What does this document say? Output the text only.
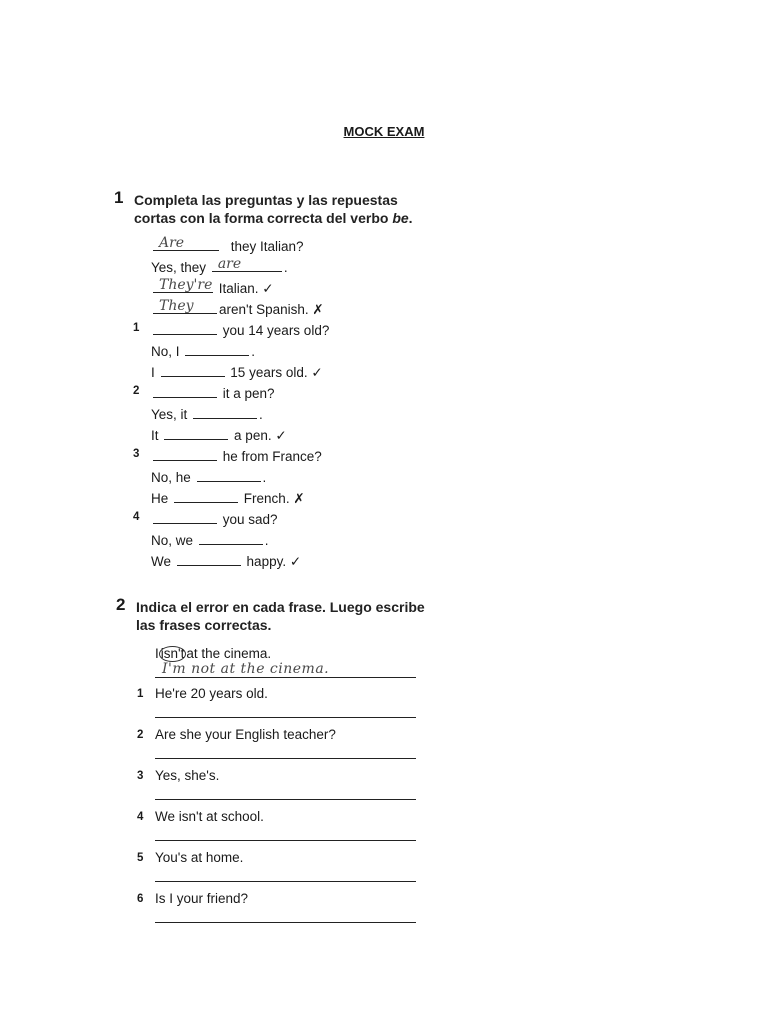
MOCK EXAM
1 Completa las preguntas y las repuestas
cortas con la forma correcta del verbo be.
Are	they Italian?
Yes, they are	.
They're Italian. ✓
They aren't Spanish. ✗
1	you 14 years old?
No, I	.
I	15 years old. ✓
2	it a pen?
Yes, it	.
It	a pen. ✓
3	he from France?
No, he	.
He	French. ✗
4	you sad?
No, we	.
We	happy. ✓
2 Indica el error en cada frase. Luego escribe
las frases correctas.
I isn't at the cinema.
I'm not at the cinema.
1 He're 20 years old.
2 Are she your English teacher?
3 Yes, she's.
4 We isn't at school.
5 You's at home.
6 Is I your friend?
